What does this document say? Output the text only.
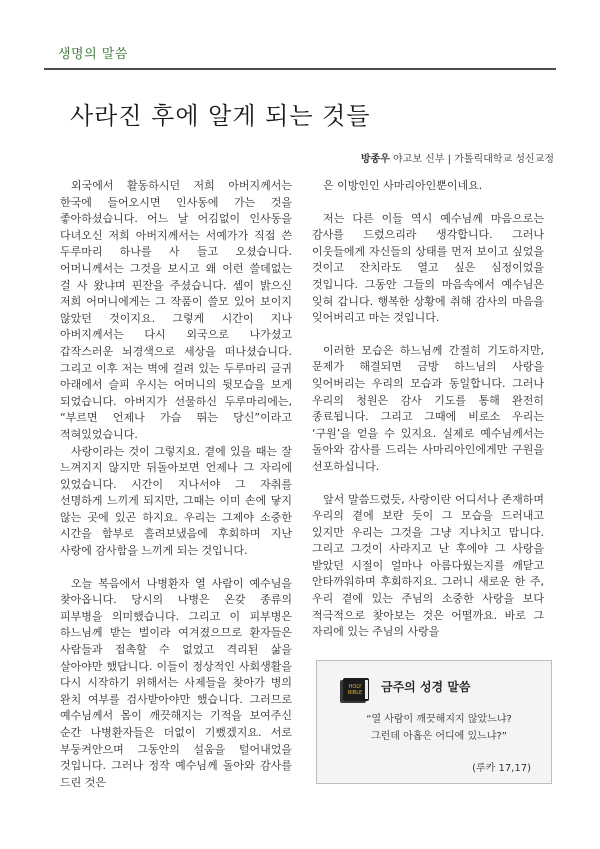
생명의 말씀
사라진 후에 알게 되는 것들
방종우 야고보 신부 | 가톨릭대학교 성신교정

외국에서 활동하시던 저희 아버지께서는 한국에 들어오시면 인사동에 가는 것을 좋아하셨습니다. 어느 날 어김없이 인사동을 다녀오신 저희 아버지께서는 서예가가 직접 쓴 두루마리 하나를 사 들고 오셨습니다. 어머니께서는 그것을 보시고 왜 이런 쓸데없는 걸 사 왔냐며 핀잔을 주셨습니다. 셈이 밝으신 저희 어머니에게는 그 작품이 쓸모 있어 보이지 않았던 것이지요. 그렇게 시간이 지나 아버지께서는 다시 외국으로 나가셨고 갑작스러운 뇌경색으로 세상을 떠나셨습니다. 그리고 이후 저는 벽에 걸려 있는 두루마리 글귀 아래에서 슬피 우시는 어머니의 뒷모습을 보게 되었습니다. 아버지가 선물하신 두루마리에는, “부르면 언제나 가슴 뛰는 당신”이라고 적혀있었습니다.

사랑이라는 것이 그렇지요. 곁에 있을 때는 잘 느껴지지 않지만 뒤돌아보면 언제나 그 자리에 있었습니다. 시간이 지나서야 그 자취를 선명하게 느끼게 되지만, 그때는 이미 손에 닿지 않는 곳에 있곤 하지요. 우리는 그제야 소중한 시간을 함부로 흘려보냈음에 후회하며 지난 사랑에 감사함을 느끼게 되는 것입니다.

오늘 복음에서 나병환자 열 사람이 예수님을 찾아옵니다. 당시의 나병은 온갖 종류의 피부병을 의미했습니다. 그리고 이 피부병은 하느님께 받는 벌이라 여겨졌으므로 환자들은 사람들과 접촉할 수 없었고 격리된 삶을 살아야만 했답니다. 이들이 정상적인 사회생활을 다시 시작하기 위해서는 사제들을 찾아가 병의 완치 여부를 검사받아야만 했습니다. 그러므로 예수님께서 몸이 깨끗해지는 기적을 보여주신 순간 나병환자들은 더없이 기뻤겠지요. 서로 부둥켜안으며 그동안의 설움을 털어내었을 것입니다. 그러나 정작 예수님께 돌아와 감사를 드린 것은

은 이방인인 사마리아인뿐이네요.

저는 다른 이들 역시 예수님께 마음으로는 감사를 드렸으리라 생각합니다. 그러나 이웃들에게 자신들의 상태를 먼저 보이고 싶었을 것이고 잔치라도 열고 싶은 심정이었을 것입니다. 그동안 그들의 마음속에서 예수님은 잊혀 갑니다. 행복한 상황에 취해 감사의 마음을 잊어버리고 마는 것입니다.

이러한 모습은 하느님께 간절히 기도하지만, 문제가 해결되면 금방 하느님의 사랑을 잊어버리는 우리의 모습과 동일합니다. 그러나 우리의 청원은 감사 기도를 통해 완전히 종료됩니다. 그리고 그때에 비로소 우리는 ‘구원’을 얻을 수 있지요. 실제로 예수님께서는 돌아와 감사를 드리는 사마리아인에게만 구원을 선포하십니다.

앞서 말씀드렸듯, 사랑이란 어디서나 존재하며 우리의 곁에 보란 듯이 그 모습을 드러내고 있지만 우리는 그것을 그냥 지나치고 맙니다. 그리고 그것이 사라지고 난 후에야 그 사랑을 받았던 시절이 얼마나 아름다웠는지를 깨닫고 안타까워하며 후회하지요. 그러니 새로운 한 주, 우리 곁에 있는 주님의 소중한 사랑을 보다 적극적으로 찾아보는 것은 어떨까요. 바로 그 자리에 있는 주님의 사랑을

HOLY
BIBLE 금주의 성경 말씀
“열 사람이 깨끗해지지 않았느냐?
그런데 아홉은 어디에 있느냐?”
(루카 17,17)
